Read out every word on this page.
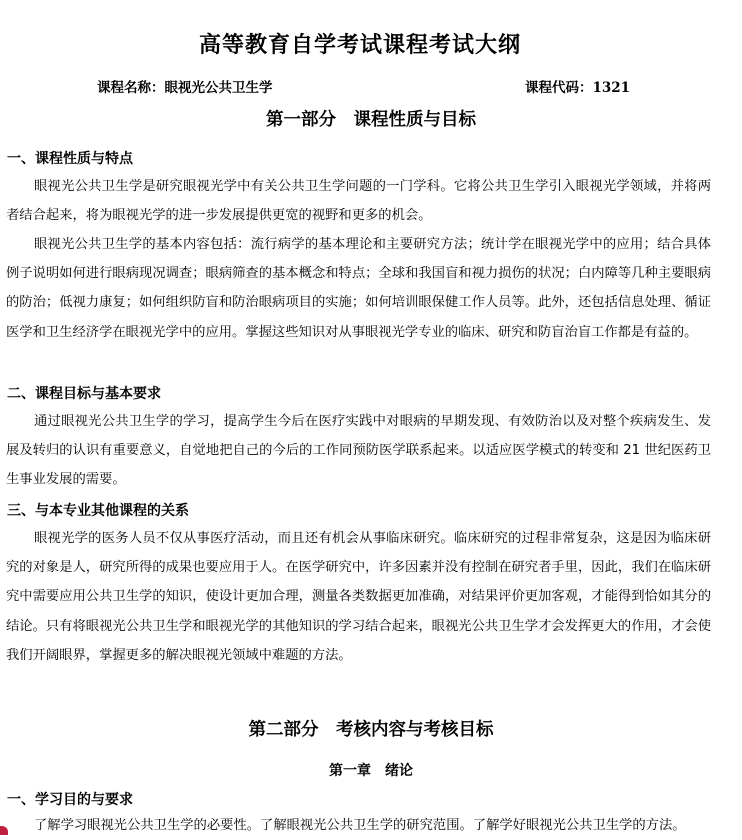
高等教育自学考试课程考试大纲
课程名称：眼视光公共卫生学	课程代码：1321
第一部分　课程性质与目标
一、课程性质与特点

眼视光公共卫生学是研究眼视光学中有关公共卫生学问题的一门学科。它将公共卫生学引入眼视光学领域，并将两者结合起来，将为眼视光学的进一步发展提供更宽的视野和更多的机会。

眼视光公共卫生学的基本内容包括：流行病学的基本理论和主要研究方法；统计学在眼视光学中的应用；结合具体例子说明如何进行眼病现况调查；眼病筛查的基本概念和特点；全球和我国盲和视力损伤的状况；白内障等几种主要眼病的防治；低视力康复；如何组织防盲和防治眼病项目的实施；如何培训眼保健工作人员等。此外，还包括信息处理、循证医学和卫生经济学在眼视光学中的应用。掌握这些知识对从事眼视光学专业的临床、研究和防盲治盲工作都是有益的。

二、课程目标与基本要求

通过眼视光公共卫生学的学习，提高学生今后在医疗实践中对眼病的早期发现、有效防治以及对整个疾病发生、发展及转归的认识有重要意义，自觉地把自己的今后的工作同预防医学联系起来。以适应医学模式的转变和 21 世纪医药卫生事业发展的需要。

三、与本专业其他课程的关系

眼视光学的医务人员不仅从事医疗活动，而且还有机会从事临床研究。临床研究的过程非常复杂，这是因为临床研究的对象是人，研究所得的成果也要应用于人。在医学研究中，许多因素并没有控制在研究者手里，因此，我们在临床研究中需要应用公共卫生学的知识，使设计更加合理，测量各类数据更加准确，对结果评价更加客观，才能得到恰如其分的结论。只有将眼视光公共卫生学和眼视光学的其他知识的学习结合起来，眼视光公共卫生学才会发挥更大的作用，才会使我们开阔眼界，掌握更多的解决眼视光领域中难题的方法。

第二部分　考核内容与考核目标
第一章　绪论
一、学习目的与要求

了解学习眼视光公共卫生学的必要性。了解眼视光公共卫生学的研究范围。了解学好眼视光公共卫生学的方法。
